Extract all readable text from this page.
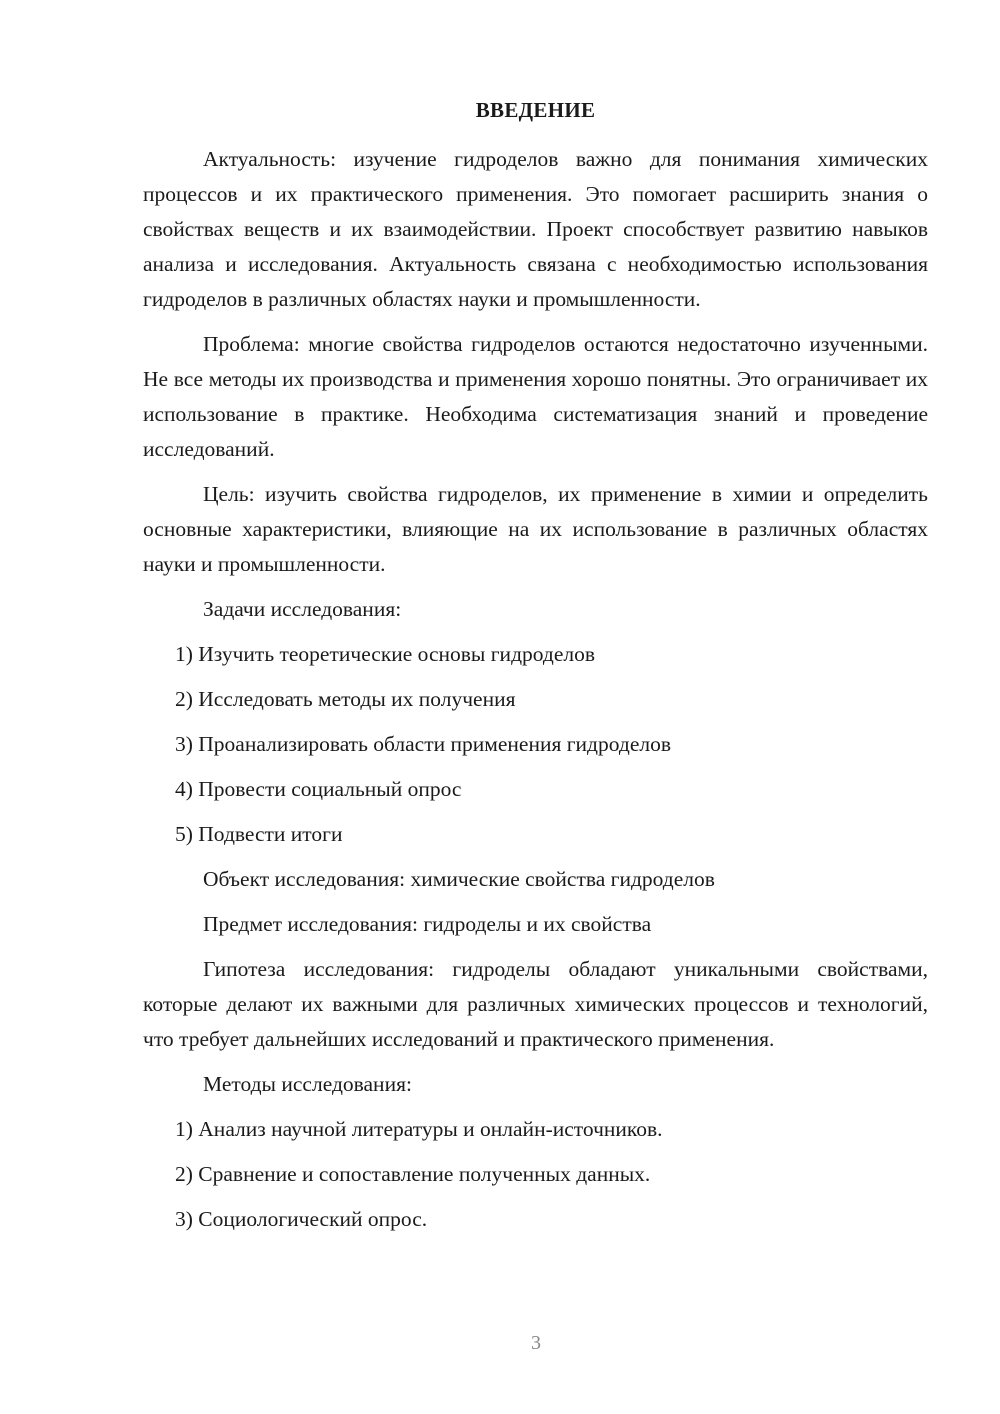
ВВЕДЕНИЕ

Актуальность: изучение гидроделов важно для понимания химических процессов и их практического применения. Это помогает расширить знания о свойствах веществ и их взаимодействии. Проект способствует развитию навыков анализа и исследования. Актуальность связана с необходимостью использования гидроделов в различных областях науки и промышленности.

Проблема: многие свойства гидроделов остаются недостаточно изученными. Не все методы их производства и применения хорошо понятны. Это ограничивает их использование в практике. Необходима систематизация знаний и проведение исследований.

Цель: изучить свойства гидроделов, их применение в химии и определить основные характеристики, влияющие на их использование в различных областях науки и промышленности.

Задачи исследования:

1) Изучить теоретические основы гидроделов
2) Исследовать методы их получения
3) Проанализировать области применения гидроделов
4) Провести социальный опрос
5) Подвести итоги

Объект исследования: химические свойства гидроделов

Предмет исследования: гидроделы и их свойства

Гипотеза исследования: гидроделы обладают уникальными свойствами, которые делают их важными для различных химических процессов и технологий, что требует дальнейших исследований и практического применения.

Методы исследования:

1) Анализ научной литературы и онлайн-источников.
2) Сравнение и сопоставление полученных данных.
3) Социологический опрос.
3
